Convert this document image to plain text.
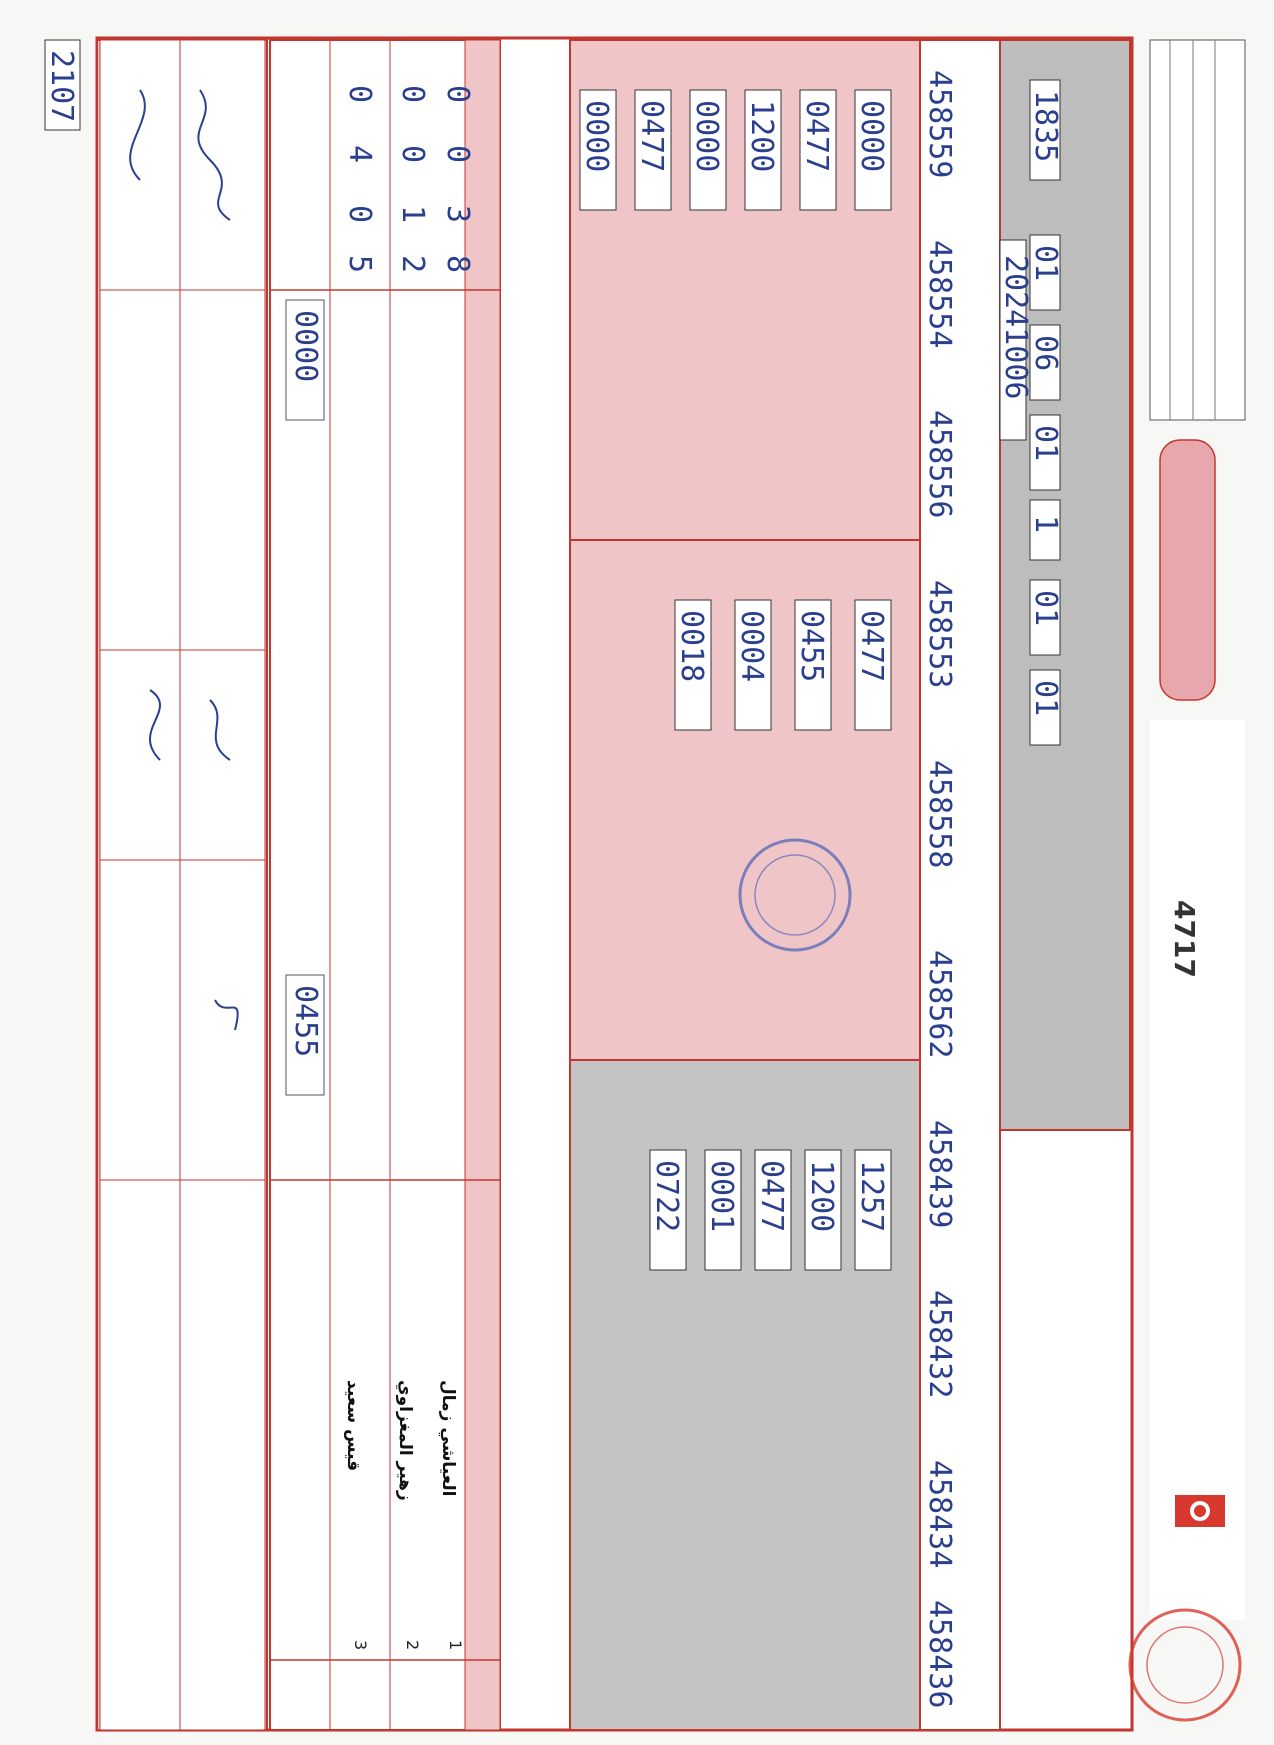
4717
1
2
3
العياشي زمال
زهير المغزاوي
قيس سعيد
0
0
3
8
0
0
1
2
0
4
0
5
0455
0000
458559
458554
458556
458553
458558
458562
458439
458432
458434
458436
01
01
1
01
06
01
1835
20241006
1257
1200
0477
0001
0722
0477
0455
0004
0018
0000
0477
1200
0000
0477
0000
2107
